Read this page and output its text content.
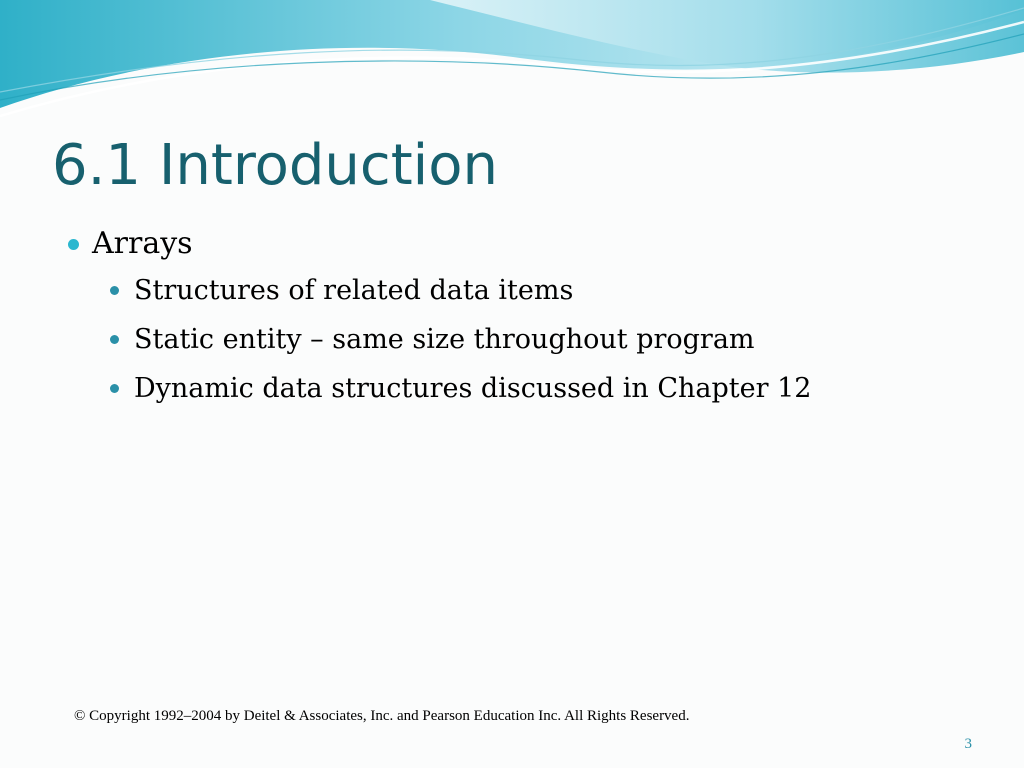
6.1 Introduction
Arrays
Structures of related data items
Static entity – same size throughout program
Dynamic data structures discussed in Chapter 12
© Copyright 1992–2004 by Deitel & Associates, Inc. and Pearson Education Inc. All Rights Reserved.
3
